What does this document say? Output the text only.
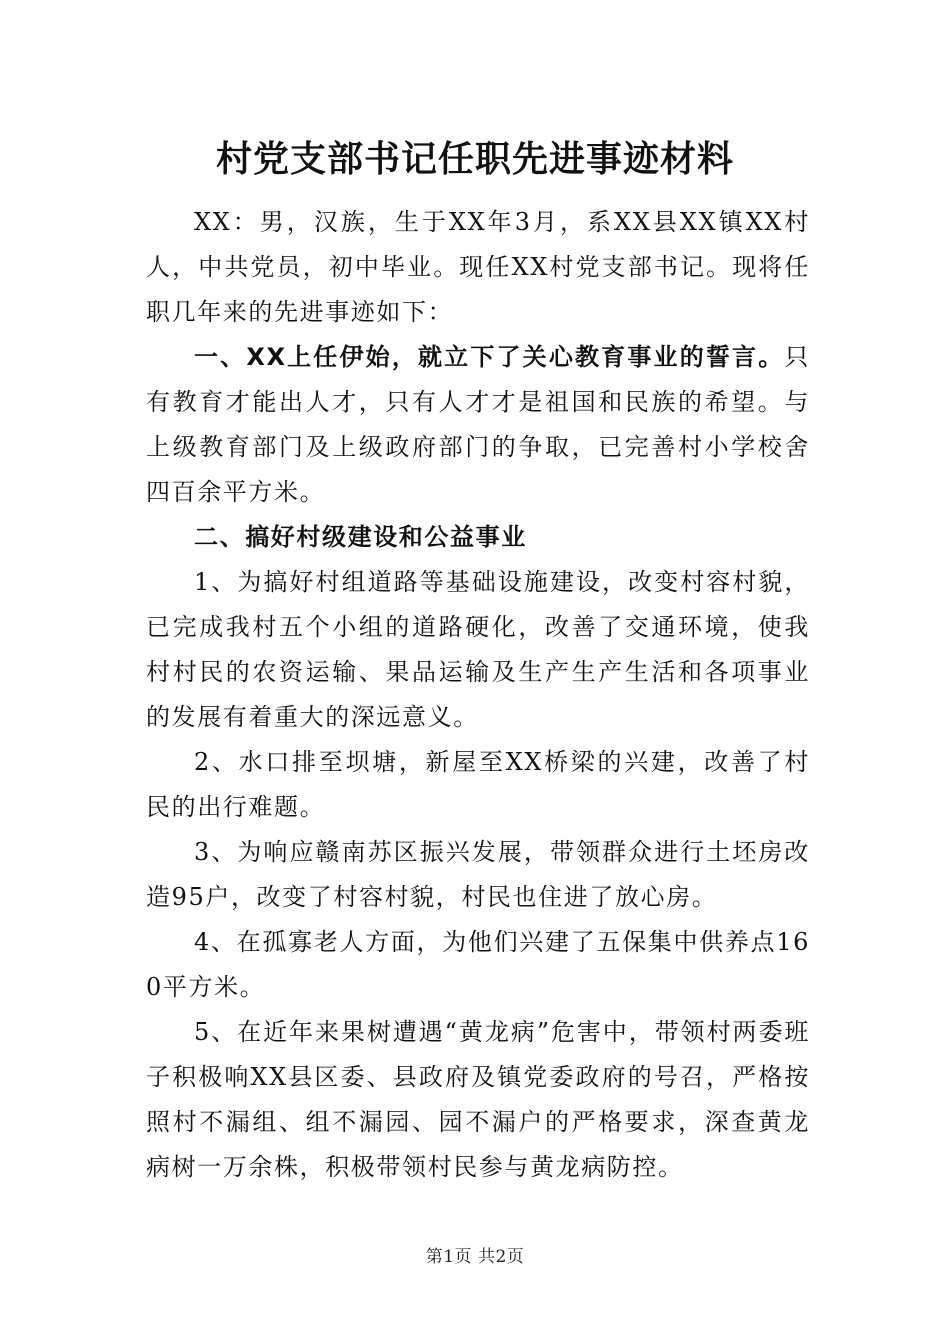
村党支部书记任职先进事迹材料

XX：男，汉族，生于XX年3月，系XX县XX镇XX村人，中共党员，初中毕业。现任XX村党支部书记。现将任职几年来的先进事迹如下：

一、XX上任伊始，就立下了关心教育事业的誓言。只有教育才能出人才，只有人才才是祖国和民族的希望。与上级教育部门及上级政府部门的争取，已完善村小学校舍四百余平方米。

二、搞好村级建设和公益事业

1、为搞好村组道路等基础设施建设，改变村容村貌，已完成我村五个小组的道路硬化，改善了交通环境，使我村村民的农资运输、果品运输及生产生产生活和各项事业的发展有着重大的深远意义。

2、水口排至坝塘，新屋至XX桥梁的兴建，改善了村民的出行难题。

3、为响应赣南苏区振兴发展，带领群众进行土坯房改造95户，改变了村容村貌，村民也住进了放心房。

4、在孤寡老人方面，为他们兴建了五保集中供养点160平方米。

5、在近年来果树遭遇“黄龙病”危害中，带领村两委班子积极响XX县区委、县政府及镇党委政府的号召，严格按照村不漏组、组不漏园、园不漏户的严格要求，深查黄龙病树一万余株，积极带领村民参与黄龙病防控。

第1页 共2页
